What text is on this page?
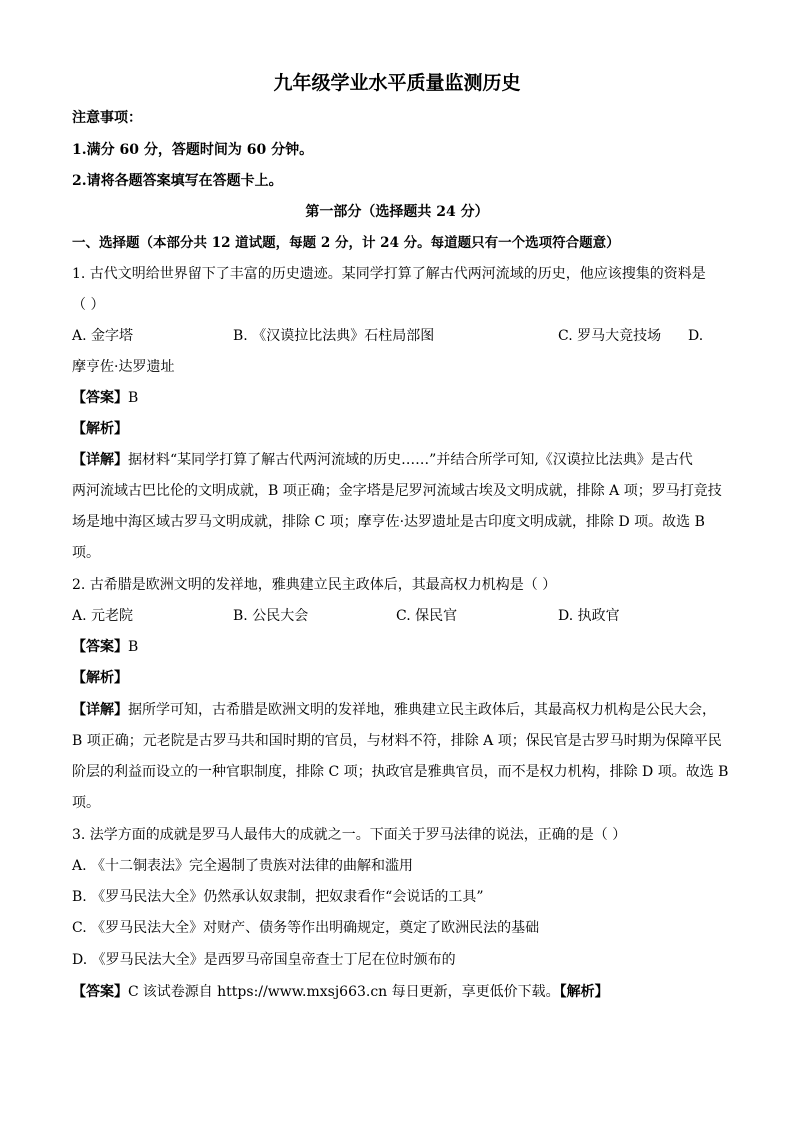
九年级学业水平质量监测历史
注意事项：
1.满分 60 分，答题时间为 60 分钟。
2.请将各题答案填写在答题卡上。
第一部分（选择题共 24 分）
一、选择题（本部分共 12 道试题，每题 2 分，计 24 分。每道题只有一个选项符合题意）
1. 古代文明给世界留下了丰富的历史遗迹。某同学打算了解古代两河流域的历史，他应该搜集的资料是
（ ）
A. 金字塔	B. 《汉谟拉比法典》石柱局部图	C. 罗马大竞技场 D.
摩亨佐·达罗遗址
【答案】B
【解析】
【详解】据材料“某同学打算了解古代两河流域的历史……”并结合所学可知,《汉谟拉比法典》是古代
两河流域古巴比伦的文明成就，B 项正确；金字塔是尼罗河流域古埃及文明成就，排除 A 项；罗马打竞技
场是地中海区域古罗马文明成就，排除 C 项；摩亨佐·达罗遗址是古印度文明成就，排除 D 项。故选 B
项。
2. 古希腊是欧洲文明的发祥地，雅典建立民主政体后，其最高权力机构是（ ）
A. 元老院	B. 公民大会	C. 保民官	D. 执政官
【答案】B
【解析】
【详解】据所学可知，古希腊是欧洲文明的发祥地，雅典建立民主政体后，其最高权力机构是公民大会，
B 项正确；元老院是古罗马共和国时期的官员，与材料不符，排除 A 项；保民官是古罗马时期为保障平民
阶层的利益而设立的一种官职制度，排除 C 项；执政官是雅典官员，而不是权力机构，排除 D 项。故选 B
项。
3. 法学方面的成就是罗马人最伟大的成就之一。下面关于罗马法律的说法，正确的是（ ）
A. 《十二铜表法》完全遏制了贵族对法律的曲解和滥用
B. 《罗马民法大全》仍然承认奴隶制，把奴隶看作“会说话的工具”
C. 《罗马民法大全》对财产、债务等作出明确规定，奠定了欧洲民法的基础
D. 《罗马民法大全》是西罗马帝国皇帝查士丁尼在位时颁布的
【答案】C 该试卷源自 https://www.mxsj663.cn 每日更新，享更低价下载。【解析】
